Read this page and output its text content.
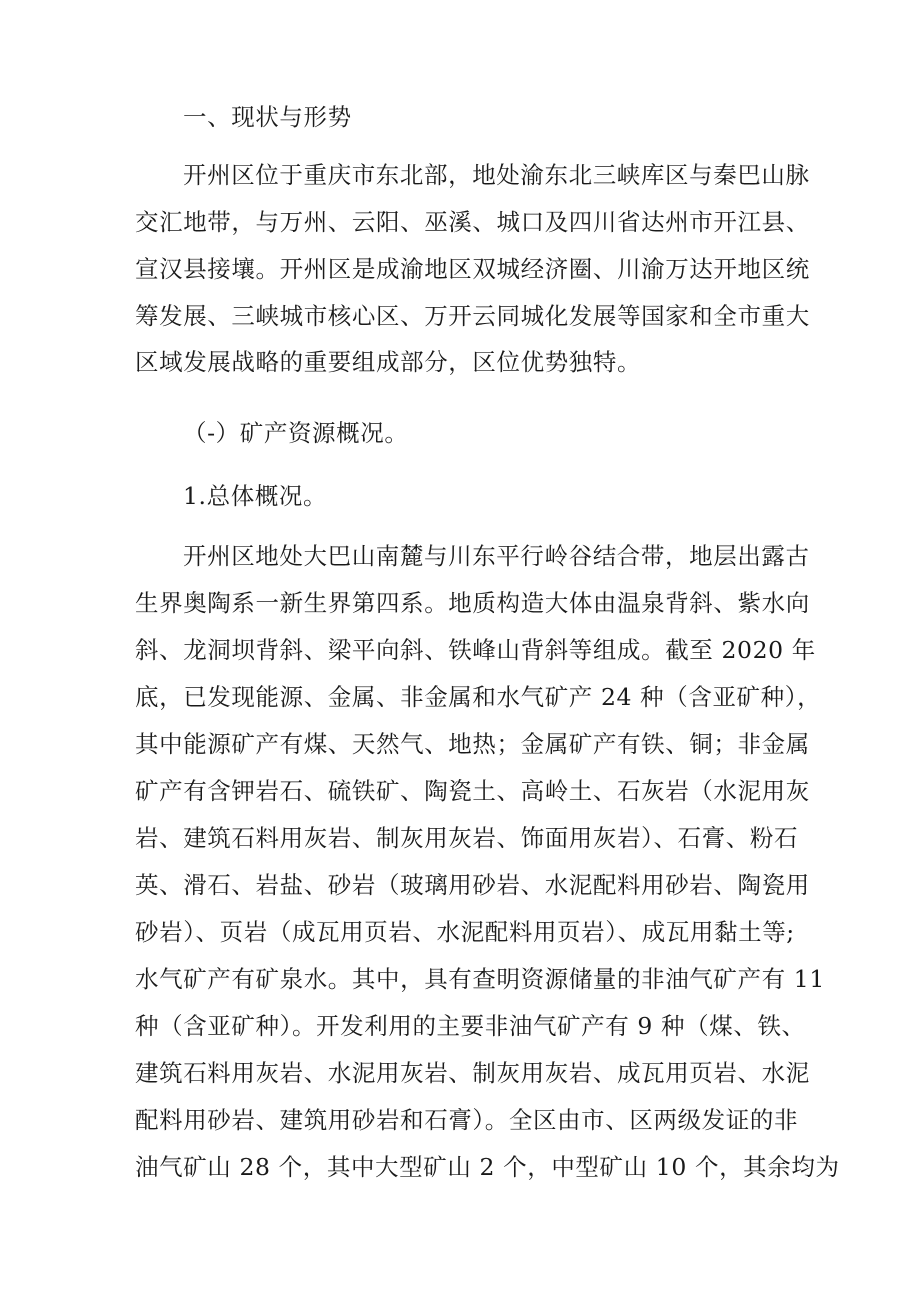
一、现状与形势
开州区位于重庆市东北部，地处渝东北三峡库区与秦巴山脉
交汇地带，与万州、云阳、巫溪、城口及四川省达州市开江县、
宣汉县接壤。开州区是成渝地区双城经济圈、川渝万达开地区统
筹发展、三峡城市核心区、万开云同城化发展等国家和全市重大
区域发展战略的重要组成部分，区位优势独特。
（-）矿产资源概况。
1.总体概况。
开州区地处大巴山南麓与川东平行岭谷结合带，地层出露古
生界奥陶系一新生界第四系。地质构造大体由温泉背斜、紫水向
斜、龙洞坝背斜、梁平向斜、铁峰山背斜等组成。截至 2020 年
底，已发现能源、金属、非金属和水气矿产 24 种（含亚矿种），
其中能源矿产有煤、天然气、地热；金属矿产有铁、铜；非金属
矿产有含钾岩石、硫铁矿、陶瓷土、高岭土、石灰岩（水泥用灰
岩、建筑石料用灰岩、制灰用灰岩、饰面用灰岩）、石膏、粉石
英、滑石、岩盐、砂岩（玻璃用砂岩、水泥配料用砂岩、陶瓷用
砂岩）、页岩（成瓦用页岩、水泥配料用页岩）、成瓦用黏土等;
水气矿产有矿泉水。其中，具有查明资源储量的非油气矿产有 11
种（含亚矿种）。开发利用的主要非油气矿产有 9 种（煤、铁、
建筑石料用灰岩、水泥用灰岩、制灰用灰岩、成瓦用页岩、水泥
配料用砂岩、建筑用砂岩和石膏）。全区由市、区两级发证的非
油气矿山 28 个，其中大型矿山 2 个，中型矿山 10 个，其余均为
